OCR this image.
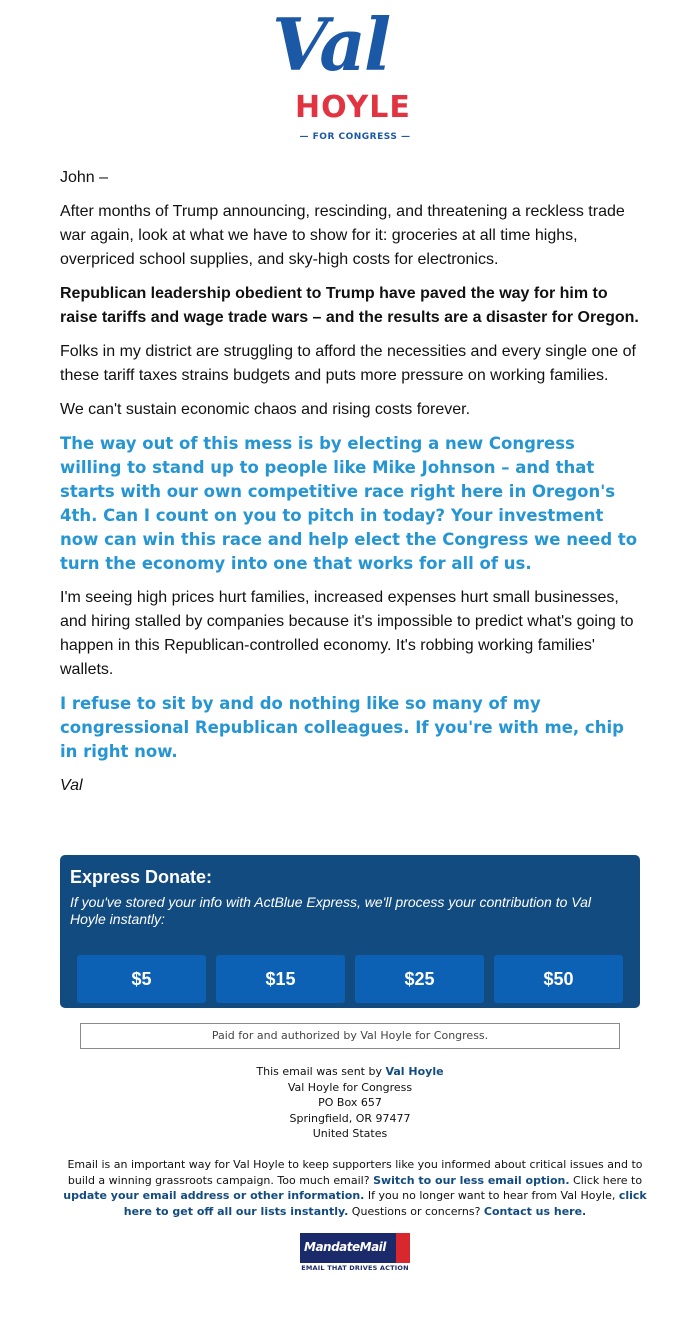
Val
HOYLE
— FOR CONGRESS —

John –

After months of Trump announcing, rescinding, and threatening a reckless trade war again, look at what we have to show for it: groceries at all time highs, overpriced school supplies, and sky-high costs for electronics.

Republican leadership obedient to Trump have paved the way for him to raise tariffs and wage trade wars – and the results are a disaster for Oregon.

Folks in my district are struggling to afford the necessities and every single one of these tariff taxes strains budgets and puts more pressure on working families.

We can't sustain economic chaos and rising costs forever.

The way out of this mess is by electing a new Congress willing to stand up to people like Mike Johnson – and that starts with our own competitive race right here in Oregon's 4th. Can I count on you to pitch in today? Your investment now can win this race and help elect the Congress we need to turn the economy into one that works for all of us.

I'm seeing high prices hurt families, increased expenses hurt small businesses, and hiring stalled by companies because it's impossible to predict what's going to happen in this Republican-controlled economy. It's robbing working families' wallets.

I refuse to sit by and do nothing like so many of my congressional Republican colleagues. If you're with me, chip in right now.

Val

Express Donate:
If you've stored your info with ActBlue Express, we'll process your contribution to Val Hoyle instantly:
$5	$15	$25	$50
Paid for and authorized by Val Hoyle for Congress.
This email was sent by Val Hoyle
Val Hoyle for Congress
PO Box 657
Springfield, OR 97477
United States
Email is an important way for Val Hoyle to keep supporters like you informed about critical issues and to build a winning grassroots campaign. Too much email? Switch to our less email option. Click here to update your email address or other information. If you no longer want to hear from Val Hoyle, click here to get off all our lists instantly. Questions or concerns? Contact us here.
MandateMail
EMAIL THAT DRIVES ACTION
